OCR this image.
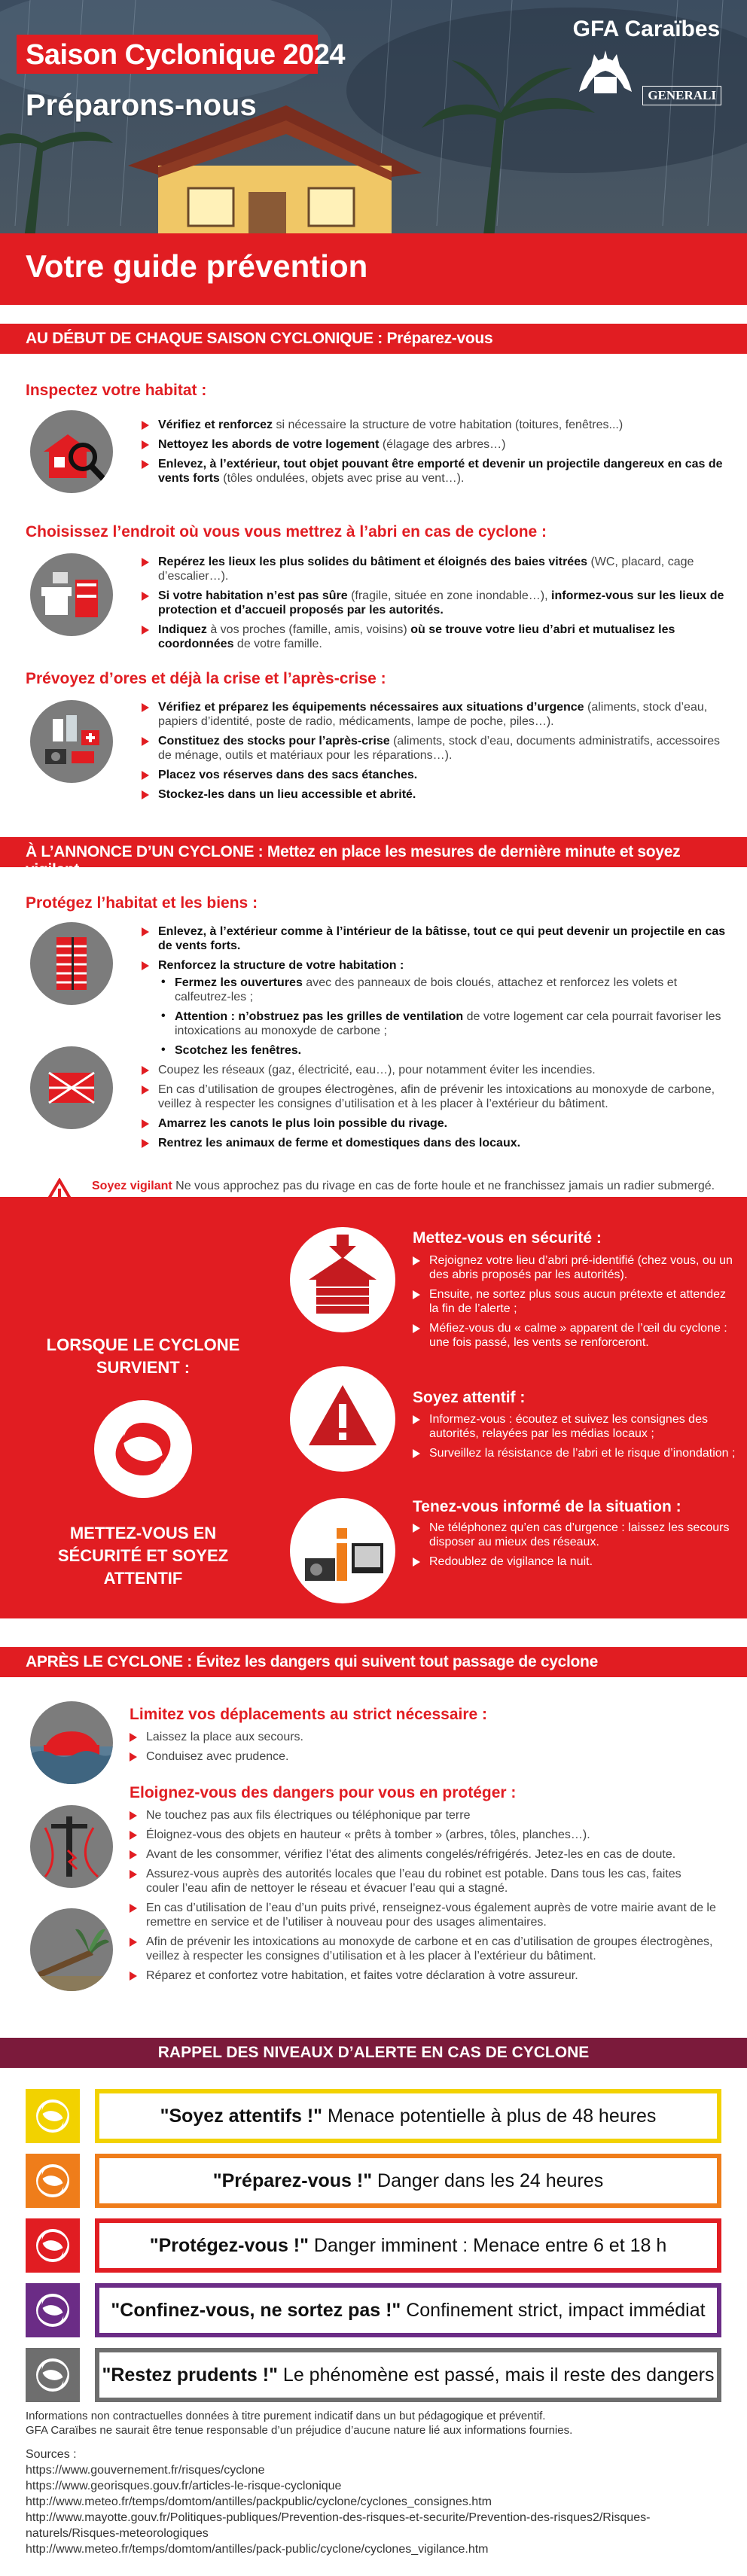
Saison Cyclonique 2024
Préparons-nous
GFA Caraïbes
GENERALI
Votre guide prévention
AU DÉBUT DE CHAQUE SAISON CYCLONIQUE : Préparez-vous
Inspectez votre habitat :
Vérifiez et renforcez si nécessaire la structure de votre habitation (toitures, fenêtres...)
Nettoyez les abords de votre logement (élagage des arbres…)
Enlevez, à l’extérieur, tout objet pouvant être emporté et devenir un projectile dangereux en cas de vents forts (tôles ondulées, objets avec prise au vent…).
Choisissez l’endroit où vous vous mettrez à l’abri en cas de cyclone :
Repérez les lieux les plus solides du bâtiment et éloignés des baies vitrées (WC, placard, cage d’escalier…).
Si votre habitation n’est pas sûre (fragile, située en zone inondable…), informez-vous sur les lieux de protection et d’accueil proposés par les autorités.
Indiquez à vos proches (famille, amis, voisins) où se trouve votre lieu d’abri et mutualisez les coordonnées de votre famille.
Prévoyez d’ores et déjà la crise et l’après-crise :
Vérifiez et préparez les équipements nécessaires aux situations d’urgence (aliments, stock d’eau, papiers d’identité, poste de radio, médicaments, lampe de poche, piles…).
Constituez des stocks pour l’après-crise (aliments, stock d’eau, documents administratifs, accessoires de ménage, outils et matériaux pour les réparations…).
Placez vos réserves dans des sacs étanches.
Stockez-les dans un lieu accessible et abrité.
À L’ANNONCE D’UN CYCLONE : Mettez en place les mesures de dernière minute et soyez vigilant
Protégez l’habitat et les biens :
Enlevez, à l’extérieur comme à l’intérieur de la bâtisse, tout ce qui peut devenir un projectile en cas de vents forts.
Renforcez la structure de votre habitation :
• Fermez les ouvertures avec des panneaux de bois cloués, attachez et renforcez les volets et calfeutrez-les ;
• Attention : n’obstruez pas les grilles de ventilation de votre logement car cela pourrait favoriser les intoxications au monoxyde de carbone ;
• Scotchez les fenêtres.
Coupez les réseaux (gaz, électricité, eau…), pour notamment éviter les incendies.
En cas d’utilisation de groupes électrogènes, afin de prévenir les intoxications au monoxyde de carbone, veillez à respecter les consignes d’utilisation et à les placer à l’extérieur du bâtiment.
Amarrez les canots le plus loin possible du rivage.
Rentrez les animaux de ferme et domestiques dans des locaux.
Soyez vigilant Ne vous approchez pas du rivage en cas de forte houle et ne franchissez jamais un radier submergé.
LORSQUE LE CYCLONE SURVIENT :
METTEZ-VOUS EN SÉCURITÉ ET SOYEZ ATTENTIF
Mettez-vous en sécurité :
Rejoignez votre lieu d’abri pré-identifié (chez vous, ou un des abris proposés par les autorités).
Ensuite, ne sortez plus sous aucun prétexte et attendez la fin de l’alerte ;
Méfiez-vous du « calme » apparent de l’œil du cyclone : une fois passé, les vents se renforceront.
Soyez attentif :
Informez-vous : écoutez et suivez les consignes des autorités, relayées par les médias locaux ;
Surveillez la résistance de l’abri et le risque d’inondation ;
Tenez-vous informé de la situation :
Ne téléphonez qu’en cas d’urgence : laissez les secours disposer au mieux des réseaux.
Redoublez de vigilance la nuit.
APRÈS LE CYCLONE : Évitez les dangers qui suivent tout passage de cyclone
Limitez vos déplacements au strict nécessaire :
Laissez la place aux secours.
Conduisez avec prudence.
Eloignez-vous des dangers pour vous en protéger :
Ne touchez pas aux fils électriques ou téléphonique par terre
Éloignez-vous des objets en hauteur « prêts à tomber » (arbres, tôles, planches…).
Avant de les consommer, vérifiez l’état des aliments congelés/réfrigérés. Jetez-les en cas de doute.
Assurez-vous auprès des autorités locales que l’eau du robinet est potable. Dans tous les cas, faites couler l’eau afin de nettoyer le réseau et évacuer l’eau qui a stagné.
En cas d’utilisation de l’eau d’un puits privé, renseignez-vous également auprès de votre mairie avant de le remettre en service et de l’utiliser à nouveau pour des usages alimentaires.
Afin de prévenir les intoxications au monoxyde de carbone et en cas d’utilisation de groupes électrogènes, veillez à respecter les consignes d’utilisation et à les placer à l’extérieur du bâtiment.
Réparez et confortez votre habitation, et faites votre déclaration à votre assureur.
RAPPEL DES NIVEAUX D’ALERTE EN CAS DE CYCLONE
"Soyez attentifs !" Menace potentielle à plus de 48 heures
"Préparez-vous !" Danger dans les 24 heures
"Protégez-vous !" Danger imminent : Menace entre 6 et 18 h
"Confinez-vous, ne sortez pas !" Confinement strict, impact immédiat
"Restez prudents !" Le phénomène est passé, mais il reste des dangers
Informations non contractuelles données à titre purement indicatif dans un but pédagogique et préventif.
GFA Caraïbes ne saurait être tenue responsable d’un préjudice d’aucune nature lié aux informations fournies.
Sources :
https://www.gouvernement.fr/risques/cyclone
https://www.georisques.gouv.fr/articles-le-risque-cyclonique
http://www.meteo.fr/temps/domtom/antilles/packpublic/cyclone/cyclones_consignes.htm
http://www.mayotte.gouv.fr/Politiques-publiques/Prevention-des-risques-et-securite/Prevention-des-risques2/Risques-naturels/Risques-meteorologiques
http://www.meteo.fr/temps/domtom/antilles/pack-public/cyclone/cyclones_vigilance.htm
